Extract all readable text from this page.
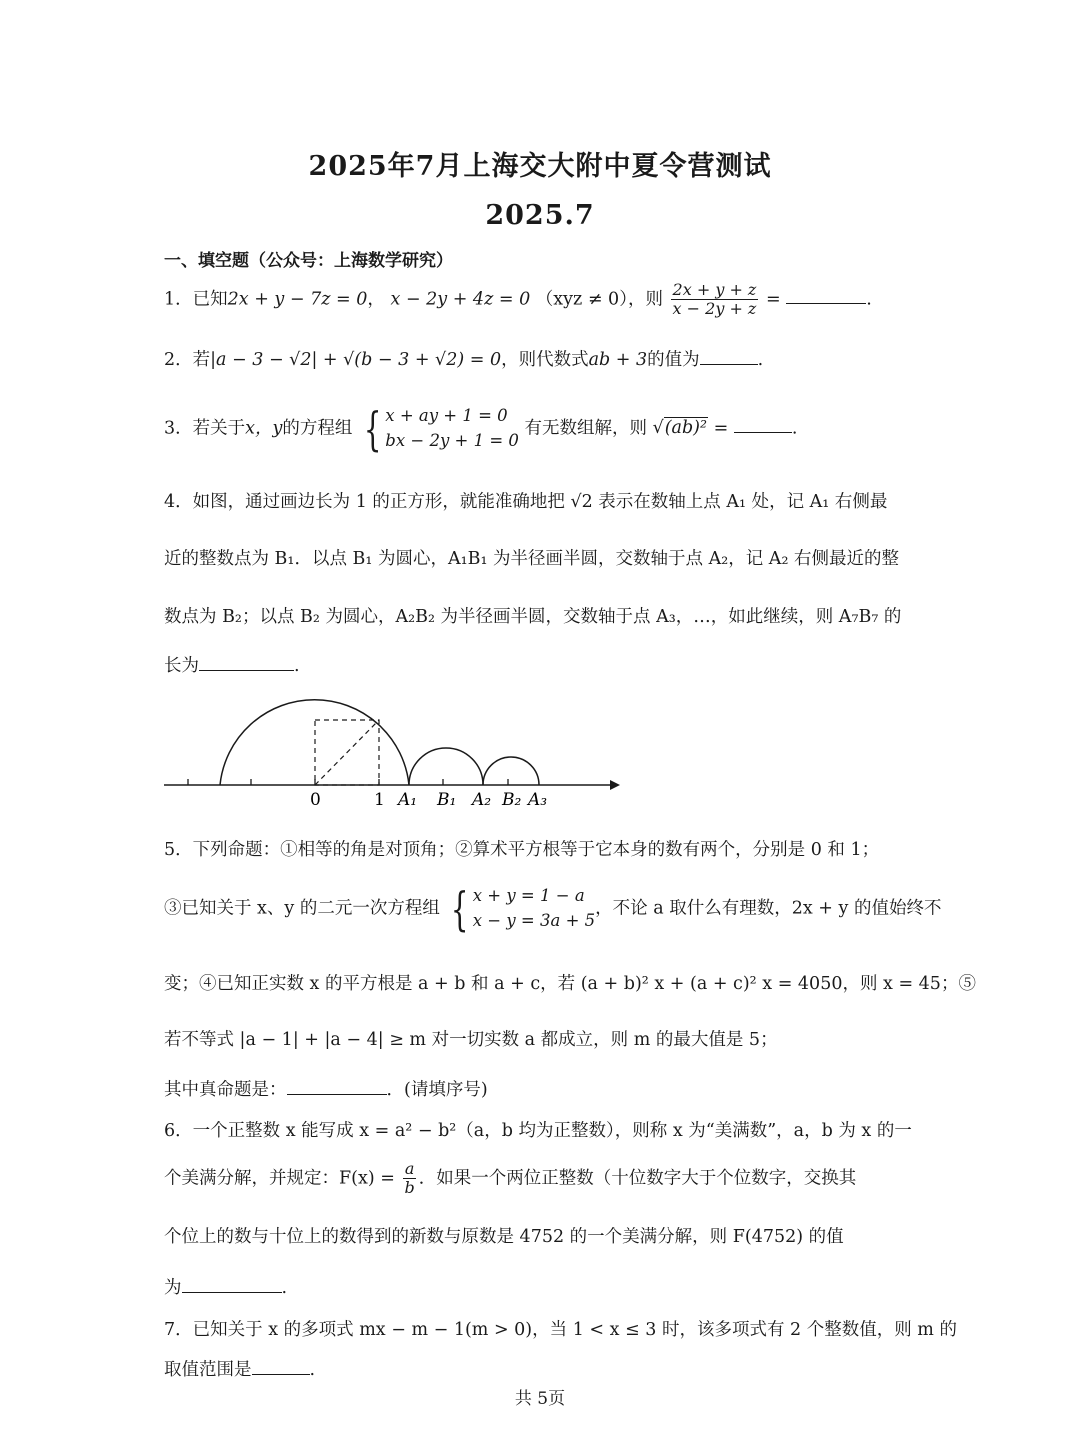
2025年7月上海交大附中夏令营测试
2025.7
一、填空题（公众号：上海数学研究）
1．已知2x + y − 7z = 0， x − 2y + 4z = 0 （xyz ≠ 0），则 $\frac{2x + y + z}{x - 2y + z}$ =	.
2．若|a − 3 − √2| + √(b − 3 + √2) = 0，则代数式ab + 3的值为	.
3．若关于x，y的方程组 { x + ay + 1 = 0
bx − 2y + 1 = 0
有无数组解，则 √(ab)² =	.
4．如图，通过画边长为 1 的正方形，就能准确地把 √2 表示在数轴上点 A₁ 处，记 A₁ 右侧最
近的整数点为 B₁．以点 B₁ 为圆心，A₁B₁ 为半径画半圆，交数轴于点 A₂，记 A₂ 右侧最近的整
数点为 B₂；以点 B₂ 为圆心，A₂B₂ 为半径画半圆，交数轴于点 A₃，…，如此继续，则 A₇B₇ 的
长为	.
0	1 A₁ B₁ A₂ B₂ A₃
5．下列命题：①相等的角是对顶角；②算术平方根等于它本身的数有两个，分别是 0 和 1；
③已知关于 x、y 的二元一次方程组 { x + y = 1 − a
x − y = 3a + 5
，不论 a 取什么有理数，2x + y 的值始终不
变；④已知正实数 x 的平方根是 a + b 和 a + c，若 (a + b)² x + (a + c)² x = 4050，则 x = 45；⑤
若不等式 |a − 1| + |a − 4| ≥ m 对一切实数 a 都成立，则 m 的最大值是 5；
其中真命题是：	．(请填序号)
6．一个正整数 x 能写成 x = a² − b²（a，b 均为正整数），则称 x 为“美满数”，a，b 为 x 的一
个美满分解，并规定：$F(x) = \frac{a}{b}$ ．如果一个两位正整数（十位数字大于个位数字，交换其
个位上的数与十位上的数得到的新数与原数是 4752 的一个美满分解，则 F(4752) 的值
为	.
7．已知关于 x 的多项式 mx − m − 1(m > 0)，当 1 < x ≤ 3 时，该多项式有 2 个整数值，则 m 的
取值范围是	.
共 5页
